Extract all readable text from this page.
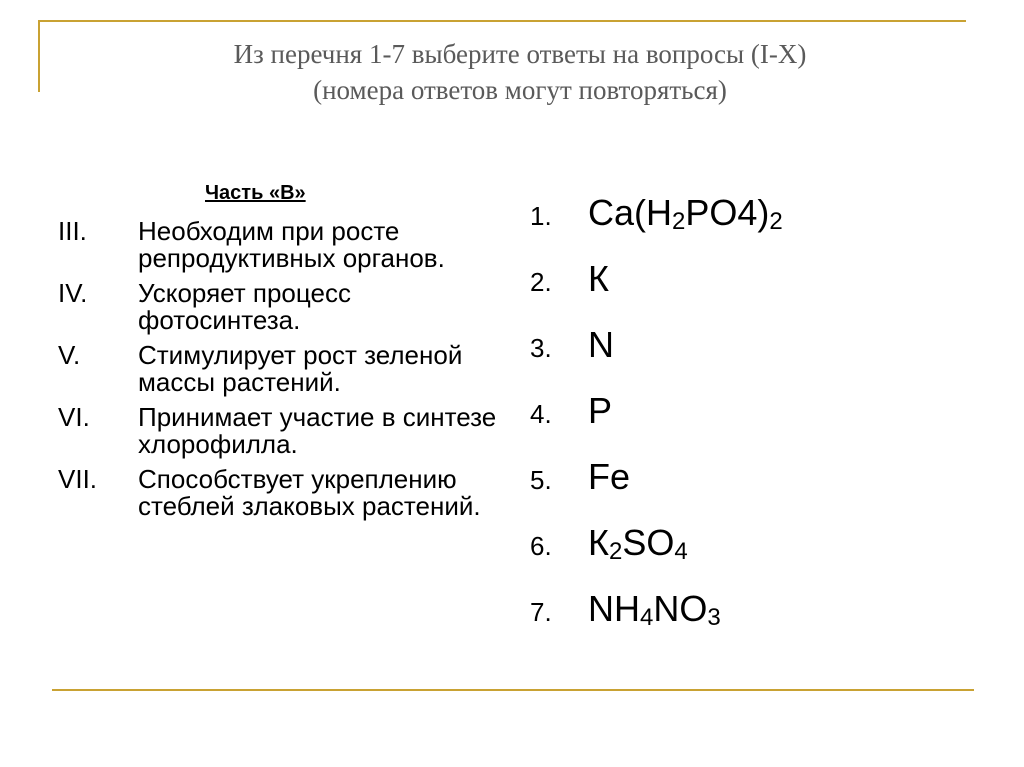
Из перечня 1-7 выберите ответы на вопросы (I-X)
(номера ответов могут повторяться)
Часть «В»
III. Необходим при росте репродуктивных органов.
IV. Ускоряет процесс фотосинтеза.
V. Стимулирует рост зеленой массы растений.
VI. Принимает участие в синтезе хлорофилла.
VII. Способствует укреплению стеблей злаковых растений.
1. $Ca(H_2PO4)_2$
2. К
3. N
4. P
5. Fe
6. $К_2SO_4$
7. $NH_4NO_3$
